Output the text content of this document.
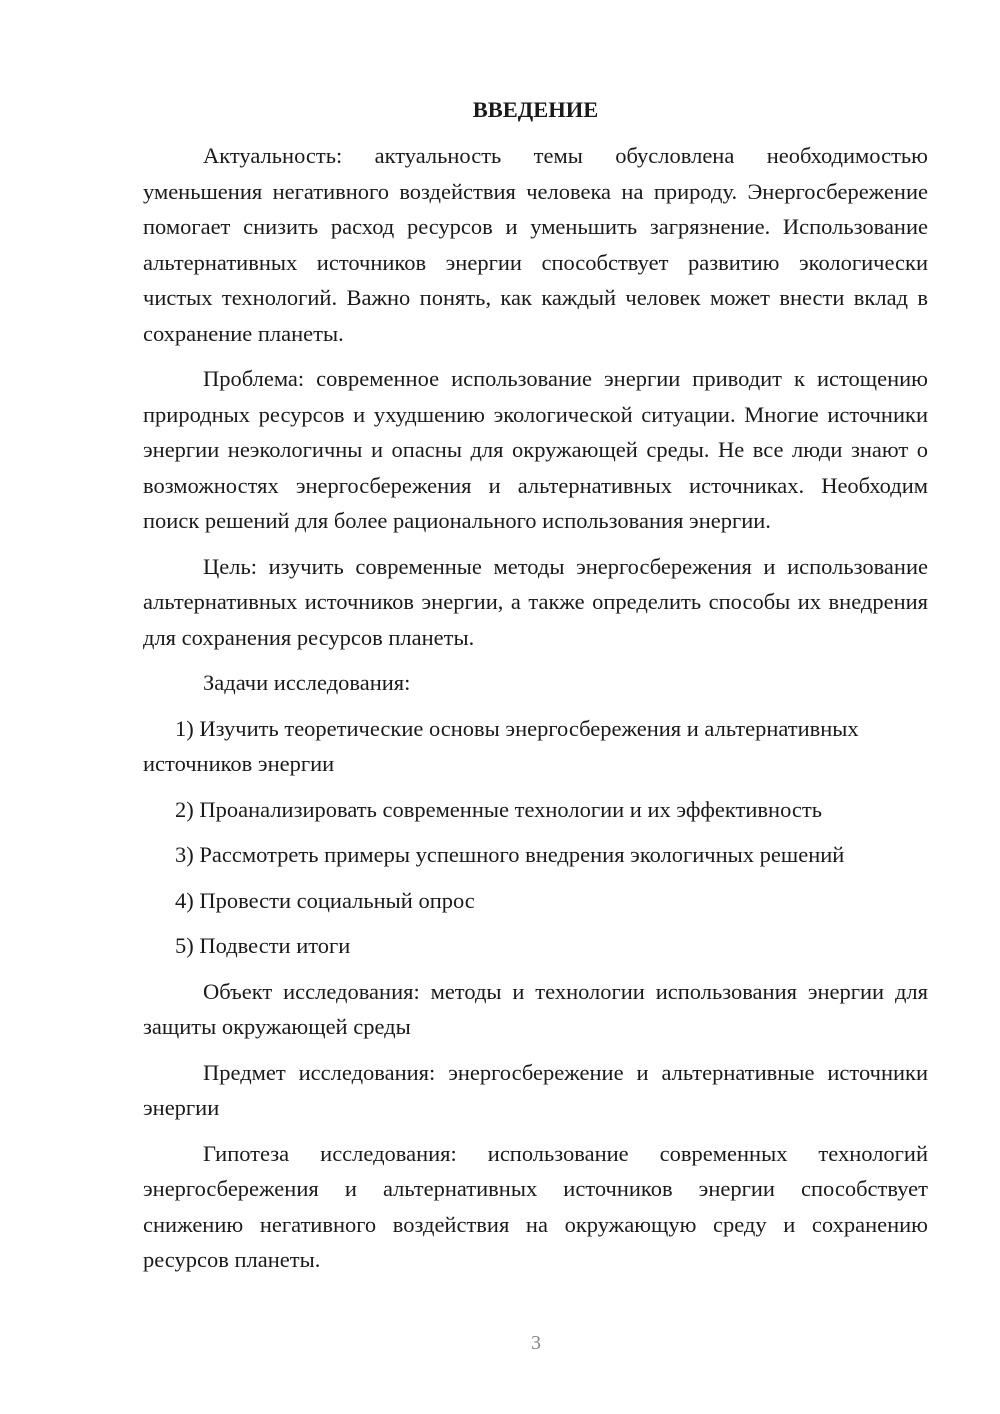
ВВЕДЕНИЕ

Актуальность: актуальность темы обусловлена необходимостью уменьшения негативного воздействия человека на природу. Энергосбережение помогает снизить расход ресурсов и уменьшить загрязнение. Использование альтернативных источников энергии способствует развитию экологически чистых технологий. Важно понять, как каждый человек может внести вклад в сохранение планеты.

Проблема: современное использование энергии приводит к истощению природных ресурсов и ухудшению экологической ситуации. Многие источники энергии неэкологичны и опасны для окружающей среды. Не все люди знают о возможностях энергосбережения и альтернативных источниках. Необходим поиск решений для более рационального использования энергии.

Цель: изучить современные методы энергосбережения и использование альтернативных источников энергии, а также определить способы их внедрения для сохранения ресурсов планеты.

Задачи исследования:

1) Изучить теоретические основы энергосбережения и альтернативных источников энергии
2) Проанализировать современные технологии и их эффективность
3) Рассмотреть примеры успешного внедрения экологичных решений
4) Провести социальный опрос
5) Подвести итоги

Объект исследования: методы и технологии использования энергии для защиты окружающей среды

Предмет исследования: энергосбережение и альтернативные источники энергии

Гипотеза исследования: использование современных технологий энергосбережения и альтернативных источников энергии способствует снижению негативного воздействия на окружающую среду и сохранению ресурсов планеты.

3
